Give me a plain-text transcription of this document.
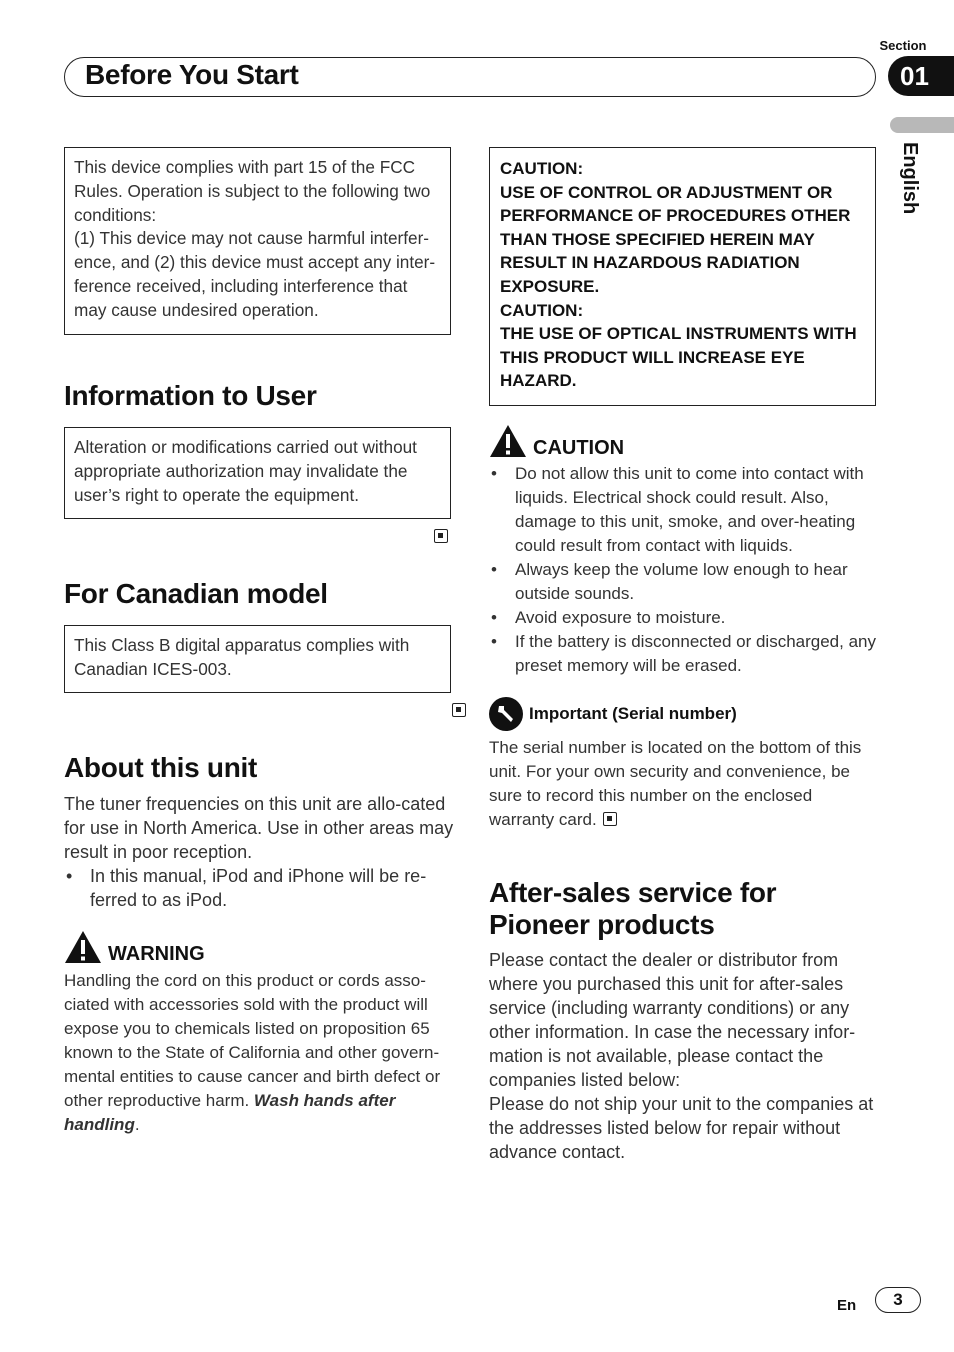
Section
01
Before You Start
English
This device complies with part 15 of the FCC Rules. Operation is subject to the following two conditions:
(1) This device may not cause harmful interfer-ence, and (2) this device must accept any inter-ference received, including interference that may cause undesired operation.
Information to User
Alteration or modifications carried out without appropriate authorization may invalidate the user’s right to operate the equipment.

For Canadian model
This Class B digital apparatus complies with Canadian ICES-003.
About this unit
The tuner frequencies on this unit are allo-cated for use in North America. Use in other areas may result in poor reception.
• In this manual, iPod and iPhone will be re-ferred to as iPod.
WARNING
Handling the cord on this product or cords asso-ciated with accessories sold with the product will expose you to chemicals listed on proposition 65 known to the State of California and other govern-mental entities to cause cancer and birth defect or other reproductive harm. Wash hands after handling.
CAUTION:
USE OF CONTROL OR ADJUSTMENT OR PERFORMANCE OF PROCEDURES OTHER THAN THOSE SPECIFIED HEREIN MAY RESULT IN HAZARDOUS RADIATION EXPOSURE.
CAUTION:
THE USE OF OPTICAL INSTRUMENTS WITH THIS PRODUCT WILL INCREASE EYE HAZARD.
CAUTION
• Do not allow this unit to come into contact with liquids. Electrical shock could result. Also, damage to this unit, smoke, and over-heating could result from contact with liquids.
• Always keep the volume low enough to hear outside sounds.
• Avoid exposure to moisture.
• If the battery is disconnected or discharged, any preset memory will be erased.
Important (Serial number)
The serial number is located on the bottom of this unit. For your own security and convenience, be sure to record this number on the enclosed warranty card.
After-sales service for Pioneer products
Please contact the dealer or distributor from where you purchased this unit for after-sales service (including warranty conditions) or any other information. In case the necessary infor-mation is not available, please contact the companies listed below:
Please do not ship your unit to the companies at the addresses listed below for repair without advance contact.
En	3
